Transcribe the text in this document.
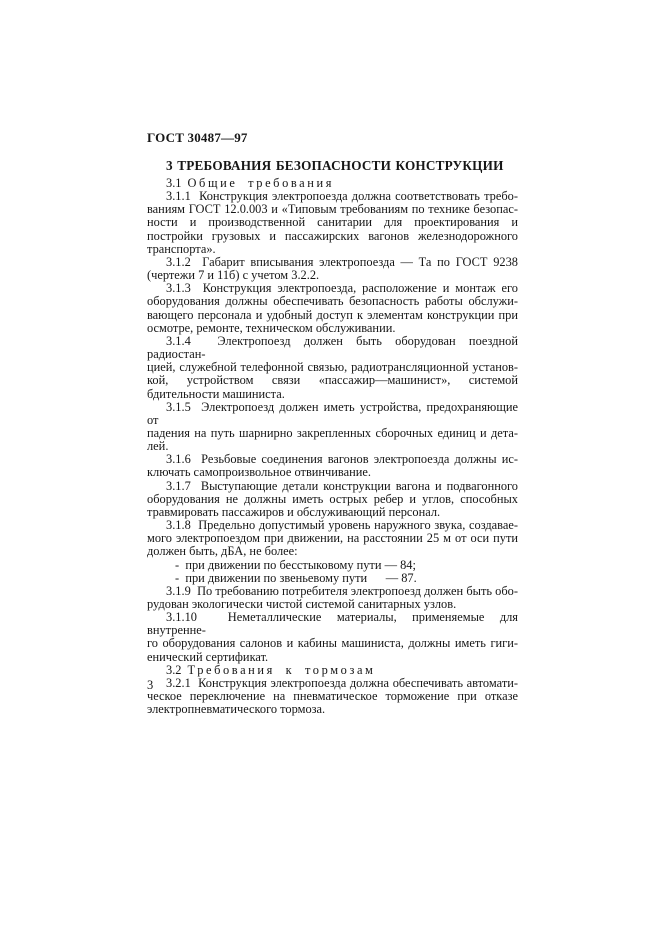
ГОСТ 30487—97
3 ТРЕБОВАНИЯ БЕЗОПАСНОСТИ КОНСТРУКЦИИ
3.1 Общие требования
3.1.1  Конструкция электропоезда должна соответствовать требо-
ваниям ГОСТ 12.0.003 и «Типовым требованиям по технике безопас-
ности и производственной санитарии для проектирования и
постройки грузовых и пассажирских вагонов железнодорожного
транспорта».
3.1.2  Габарит вписывания электропоезда — Та по ГОСТ 9238
(чертежи 7 и 11б) с учетом 3.2.2.
3.1.3  Конструкция электропоезда, расположение и монтаж его
оборудования должны обеспечивать безопасность работы обслужи-
вающего персонала и удобный доступ к элементам конструкции при
осмотре, ремонте, техническом обслуживании.
3.1.4  Электропоезд должен быть оборудован поездной радиостан-
цией, служебной телефонной связью, радиотрансляционной установ-
кой, устройством связи «пассажир—машинист», системой
бдительности машиниста.
3.1.5  Электропоезд должен иметь устройства, предохраняющие от
падения на путь шарнирно закрепленных сборочных единиц и дета-
лей.
3.1.6  Резьбовые соединения вагонов электропоезда должны ис-
ключать самопроизвольное отвинчивание.
3.1.7  Выступающие детали конструкции вагона и подвагонного
оборудования не должны иметь острых ребер и углов, способных
травмировать пассажиров и обслуживающий персонал.
3.1.8  Предельно допустимый уровень наружного звука, создавае-
мого электропоездом при движении, на расстоянии 25 м от оси пути
должен быть, дБА, не более:
-  при движении по бесстыковому пути — 84;
-  при движении по звеньевому пути      — 87.
3.1.9  По требованию потребителя электропоезд должен быть обо-
рудован экологически чистой системой санитарных узлов.
3.1.10  Неметаллические материалы, применяемые для внутренне-
го оборудования салонов и кабины машиниста, должны иметь гиги-
енический сертификат.
3.2 Требования к тормозам
3.2.1  Конструкция электропоезда должна обеспечивать автомати-
ческое переключение на пневматическое торможение при отказе
электропневматического тормоза.
3
